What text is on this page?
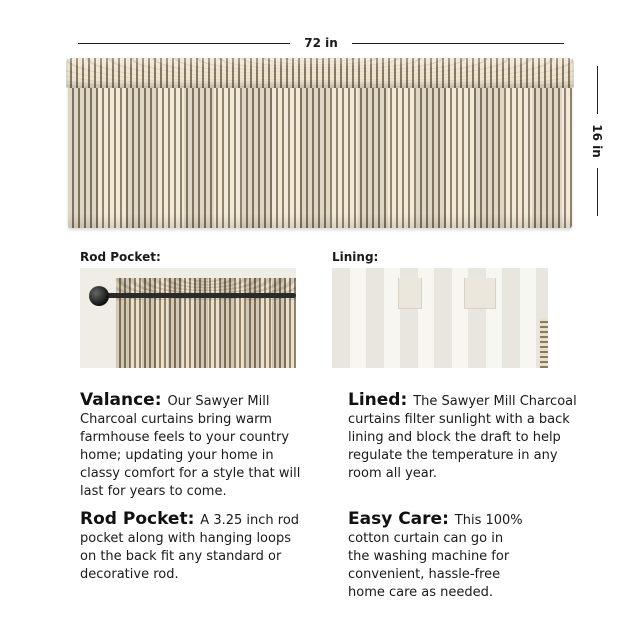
72 in
16 in
Rod Pocket:	Lining:
Valance: Our Sawyer Mill Charcoal curtains bring warm farmhouse feels to your country home; updating your home in classy comfort for a style that will last for years to come.
Lined: The Sawyer Mill Charcoal curtains filter sunlight with a back lining and block the draft to help regulate the temperature in any room all year.
Rod Pocket: A 3.25 inch rod pocket along with hanging loops on the back fit any standard or decorative rod.
Easy Care: This 100% cotton curtain can go in the washing machine for convenient, hassle-free home care as needed.
